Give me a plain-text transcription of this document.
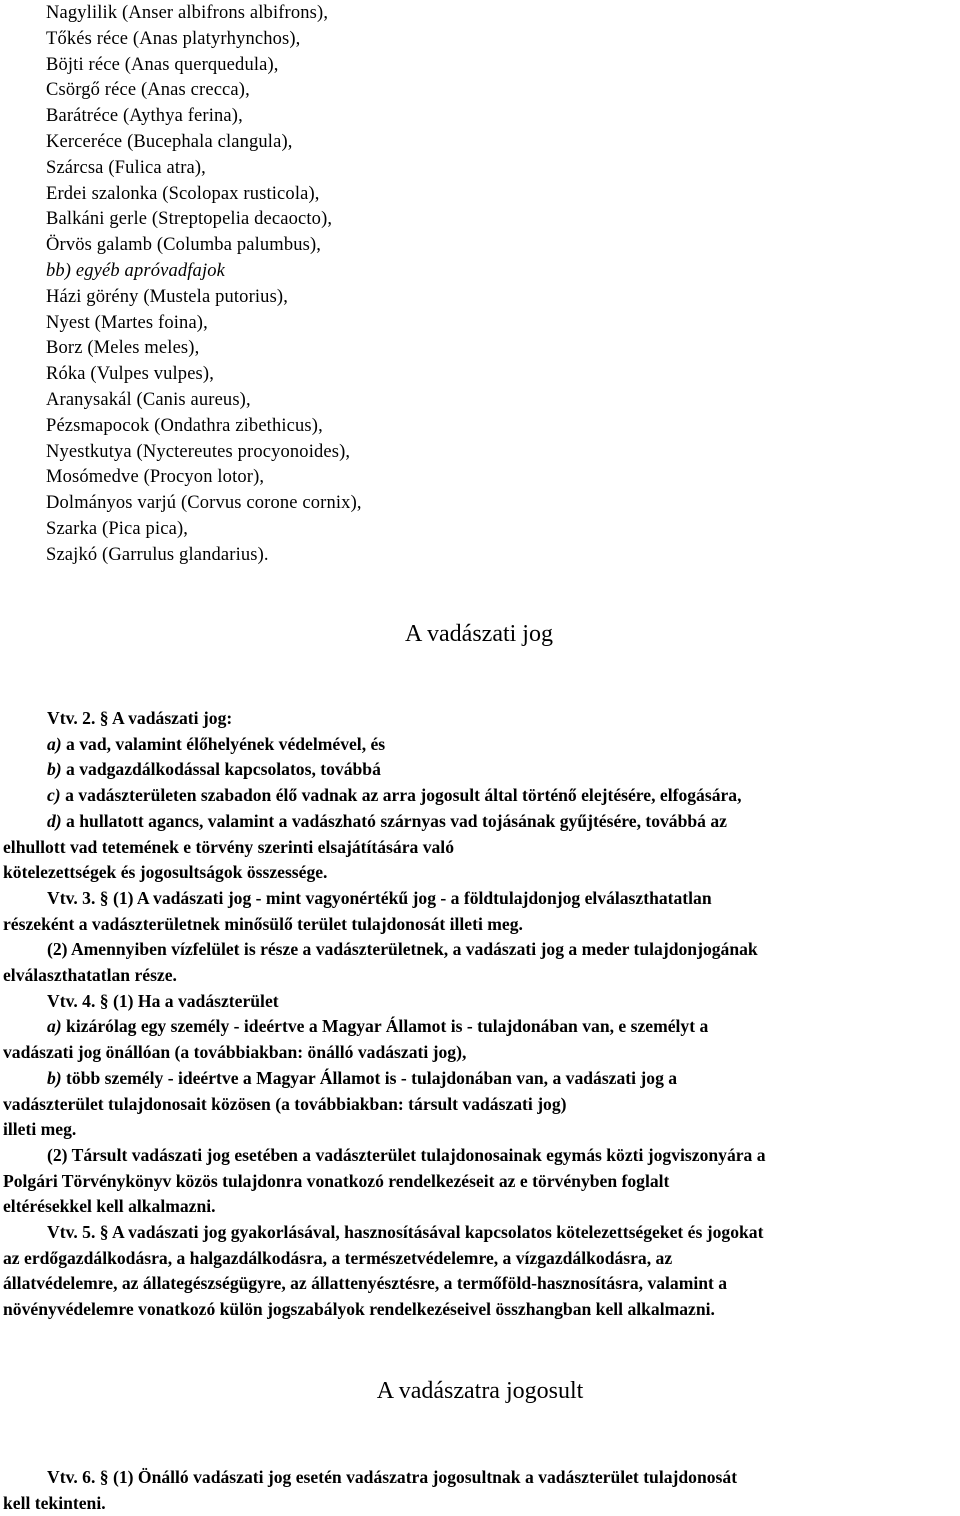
Nagylilik (Anser albifrons albifrons),
Tőkés réce (Anas platyrhynchos),
Böjti réce (Anas querquedula),
Csörgő réce (Anas crecca),
Barátréce (Aythya ferina),
Kercerécе (Bucephala clangula),
Szárcsa (Fulica atra),
Erdei szalonka (Scolopax rusticola),
Balkáni gerle (Streptopelia decaocto),
Örvös galamb (Columba palumbus),
bb) egyéb apróvadfajok
Házi görény (Mustela putorius),
Nyest (Martes foina),
Borz (Meles meles),
Róka (Vulpes vulpes),
Aranysakál (Canis aureus),
Pézsmapocok (Ondathra zibethicus),
Nyestkutya (Nyctereutes procyonoides),
Mosómedve (Procyon lotor),
Dolmányos varjú (Corvus corone cornix),
Szarka (Pica pica),
Szajkó (Garrulus glandarius).
A vadászati jog

Vtv. 2. § A vadászati jog:

a) a vad, valamint élőhelyének védelmével, és

b) a vadgazdálkodással kapcsolatos, továbbá

c) a vadászterületen szabadon élő vadnak az arra jogosult által történő elejtésére, elfogására,

d) a hullatott agancs, valamint a vadászható szárnyas vad tojásának gyűjtésére, továbbá az

elhullott vad tetemének e törvény szerinti elsajátítására való

kötelezettségek és jogosultságok összessége.

Vtv. 3. § (1) A vadászati jog - mint vagyonértékű jog - a földtulajdonjog elválaszthatatlan

részeként a vadászterületnek minősülő terület tulajdonosát illeti meg.

(2) Amennyiben vízfelület is része a vadászterületnek, a vadászati jog a meder tulajdonjogának

elválaszthatatlan része.

Vtv. 4. § (1) Ha a vadászterület

a) kizárólag egy személy - ideértve a Magyar Államot is - tulajdonában van, e személyt a

vadászati jog önállóan (a továbbiakban: önálló vadászati jog),

b) több személy - ideértve a Magyar Államot is - tulajdonában van, a vadászati jog a

vadászterület tulajdonosait közösen (a továbbiakban: társult vadászati jog)

illeti meg.

(2) Társult vadászati jog esetében a vadászterület tulajdonosainak egymás közti jogviszonyára a

Polgári Törvénykönyv közös tulajdonra vonatkozó rendelkezéseit az e törvényben foglalt

eltérésekkel kell alkalmazni.

Vtv. 5. § A vadászati jog gyakorlásával, hasznosításával kapcsolatos kötelezettségeket és jogokat

az erdőgazdálkodásra, a halgazdálkodásra, a természetvédelemre, a vízgazdálkodásra, az

állatvédelemre, az állategészségügyre, az állattenyésztésre, a termőföld-hasznosításra, valamint a

növényvédelemre vonatkozó külön jogszabályok rendelkezéseivel összhangban kell alkalmazni.

A vadászatra jogosult

Vtv. 6. § (1) Önálló vadászati jog esetén vadászatra jogosultnak a vadászterület tulajdonosát

kell tekinteni.
